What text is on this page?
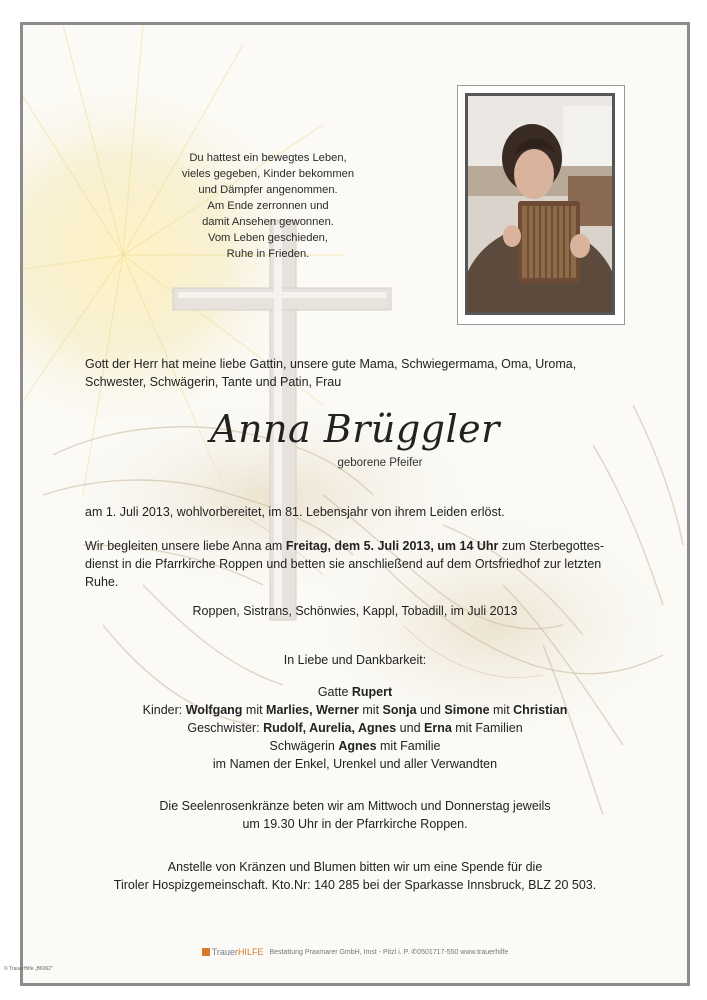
Du hattest ein bewegtes Leben,
vieles gegeben, Kinder bekommen
und Dämpfer angenommen.
Am Ende zerronnen und
damit Ansehen gewonnen.
Vom Leben geschieden,
Ruhe in Frieden.
Gott der Herr hat meine liebe Gattin, unsere gute Mama, Schwiegermama, Oma, Uroma,
Schwester, Schwägerin, Tante und Patin, Frau
Anna Brüggler
geborene Pfeifer
am 1. Juli 2013, wohlvorbereitet, im 81. Lebensjahr von ihrem Leiden erlöst.
Wir begleiten unsere liebe Anna am Freitag, dem 5. Juli 2013, um 14 Uhr zum Sterbegottes-
dienst in die Pfarrkirche Roppen und betten sie anschließend auf dem Ortsfriedhof zur letzten
Ruhe.
Roppen, Sistrans, Schönwies, Kappl, Tobadill, im Juli 2013
In Liebe und Dankbarkeit:
Gatte Rupert
Kinder: Wolfgang mit Marlies, Werner mit Sonja und Simone mit Christian
Geschwister: Rudolf, Aurelia, Agnes und Erna mit Familien
Schwägerin Agnes mit Familie
im Namen der Enkel, Urenkel und aller Verwandten
Die Seelenrosenkränze beten wir am Mittwoch und Donnerstag jeweils
um 19.30 Uhr in der Pfarrkirche Roppen.
Anstelle von Kränzen und Blumen bitten wir um eine Spende für die
Tiroler Hospizgemeinschaft. Kto.Nr: 140 285 bei der Sparkasse Innsbruck, BLZ 20 503.
TrauerHILFE Bestattung Praxmarer GmbH, Imst - Pitzl i. P. ✆0501717-550 www.trauerhilfe
© TrauerHilfe „B6062"
